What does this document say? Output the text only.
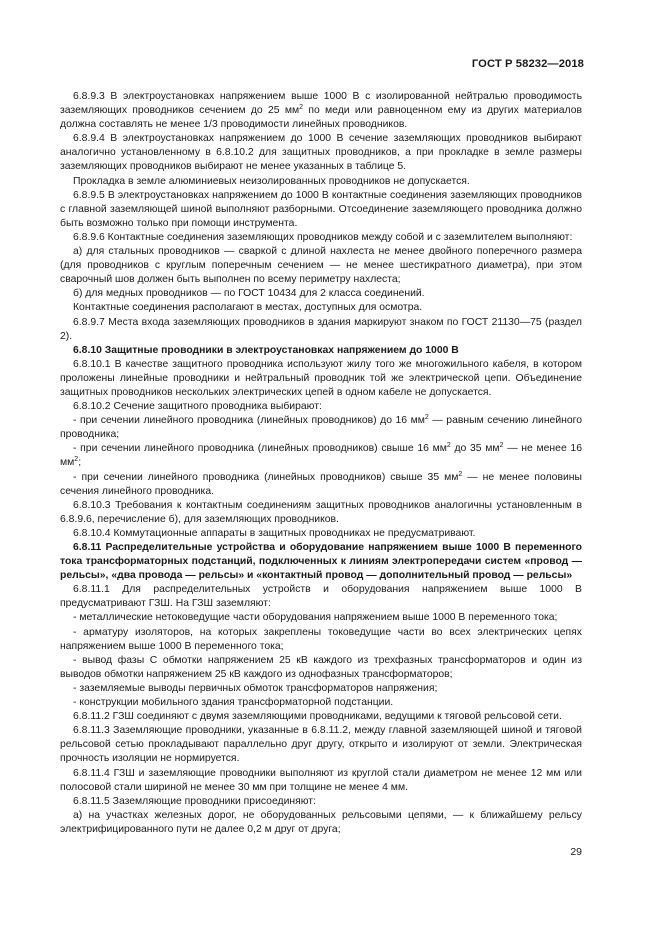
ГОСТ Р 58232—2018

6.8.9.3 В электроустановках напряжением выше 1000 В с изолированной нейтралью проводимость заземляющих проводников сечением до 25 $мм^2$ по меди или равноценном ему из других материалов должна составлять не менее 1/3 проводимости линейных проводников.

6.8.9.4 В электроустановках напряжением до 1000 В сечение заземляющих проводников выбирают аналогично установленному в 6.8.10.2 для защитных проводников, а при прокладке в земле размеры заземляющих проводников выбирают не менее указанных в таблице 5.

Прокладка в земле алюминиевых неизолированных проводников не допускается.

6.8.9.5 В электроустановках напряжением до 1000 В контактные соединения заземляющих проводников с главной заземляющей шиной выполняют разборными. Отсоединение заземляющего проводника должно быть возможно только при помощи инструмента.

6.8.9.6 Контактные соединения заземляющих проводников между собой и с заземлителем выполняют:

а) для стальных проводников — сваркой с длиной нахлеста не менее двойного поперечного размера (для проводников с круглым поперечным сечением — не менее шестикратного диаметра), при этом сварочный шов должен быть выполнен по всему периметру нахлеста;

б) для медных проводников — по ГОСТ 10434 для 2 класса соединений.

Контактные соединения располагают в местах, доступных для осмотра.

6.8.9.7 Места входа заземляющих проводников в здания маркируют знаком по ГОСТ 21130—75 (раздел 2).

6.8.10 Защитные проводники в электроустановках напряжением до 1000 В

6.8.10.1 В качестве защитного проводника используют жилу того же многожильного кабеля, в котором проложены линейные проводники и нейтральный проводник той же электрической цепи. Объединение защитных проводников нескольких электрических цепей в одном кабеле не допускается.

6.8.10.2 Сечение защитного проводника выбирают:

- при сечении линейного проводника (линейных проводников) до 16 $мм^2$ — равным сечению линейного проводника;

- при сечении линейного проводника (линейных проводников) свыше 16 $мм^2$ до 35 $мм^2$ — не менее 16 $мм^2$;

- при сечении линейного проводника (линейных проводников) свыше 35 $мм^2$ — не менее половины сечения линейного проводника.

6.8.10.3 Требования к контактным соединениям защитных проводников аналогичны установленным в 6.8.9.6, перечисление б), для заземляющих проводников.

6.8.10.4 Коммутационные аппараты в защитных проводниках не предусматривают.

6.8.11 Распределительные устройства и оборудование напряжением выше 1000 В переменного тока трансформаторных подстанций, подключенных к линиям электропередачи систем «провод — рельсы», «два провода — рельсы» и «контактный провод — дополнительный провод — рельсы»

6.8.11.1 Для распределительных устройств и оборудования напряжением выше 1000 В предусматривают ГЗШ. На ГЗШ заземляют:

- металлические нетоковедущие части оборудования напряжением выше 1000 В переменного тока;

- арматуру изоляторов, на которых закреплены токоведущие части во всех электрических цепях напряжением выше 1000 В переменного тока;

- вывод фазы С обмотки напряжением 25 кВ каждого из трехфазных трансформаторов и один из выводов обмотки напряжением 25 кВ каждого из однофазных трансформаторов;

- заземляемые выводы первичных обмоток трансформаторов напряжения;

- конструкции мобильного здания трансформаторной подстанции.

6.8.11.2 ГЗШ соединяют с двумя заземляющими проводниками, ведущими к тяговой рельсовой сети.

6.8.11.3 Заземляющие проводники, указанные в 6.8.11.2, между главной заземляющей шиной и тяговой рельсовой сетью прокладывают параллельно друг другу, открыто и изолируют от земли. Электрическая прочность изоляции не нормируется.

6.8.11.4 ГЗШ и заземляющие проводники выполняют из круглой стали диаметром не менее 12 мм или полосовой стали шириной не менее 30 мм при толщине не менее 4 мм.

6.8.11.5 Заземляющие проводники присоединяют:

а) на участках железных дорог, не оборудованных рельсовыми цепями, — к ближайшему рельсу электрифицированного пути не далее 0,2 м друг от друга;

29
